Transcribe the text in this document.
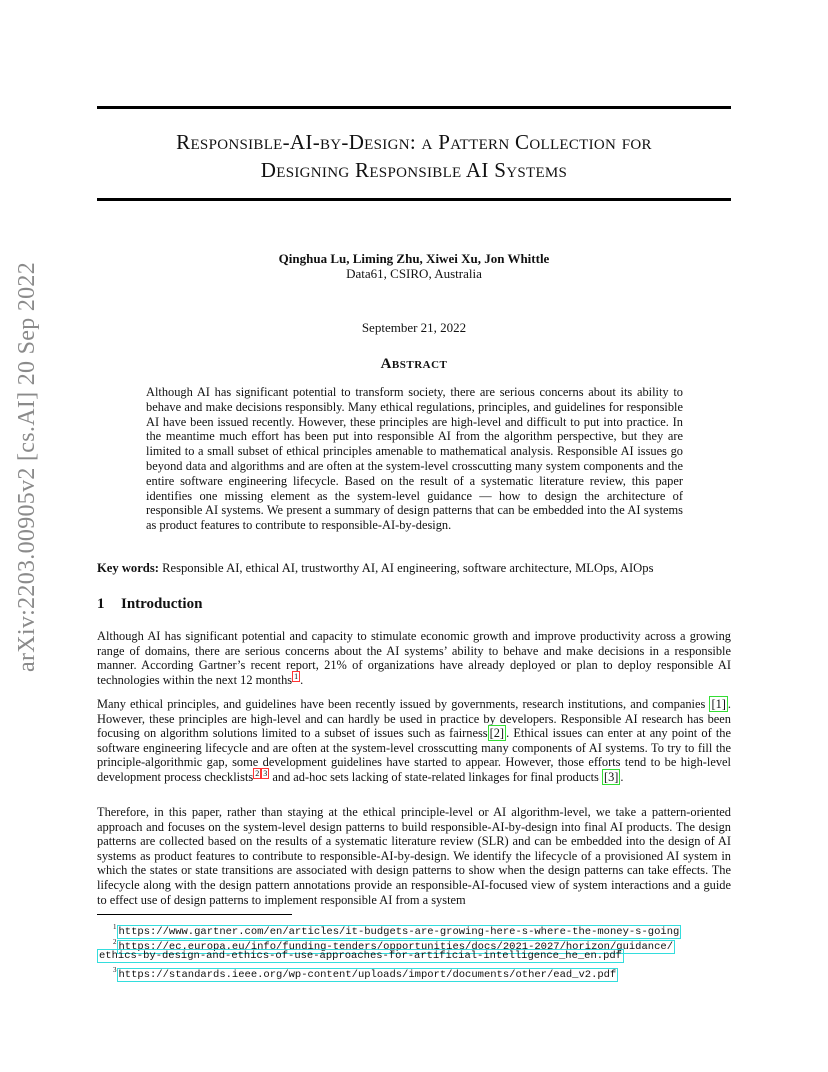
arXiv:2203.00905v2 [cs.AI] 20 Sep 2022
Responsible-AI-by-Design: a Pattern Collection for
Designing Responsible AI Systems
Qinghua Lu, Liming Zhu, Xiwei Xu, Jon Whittle
Data61, CSIRO, Australia
September 21, 2022
Abstract
Although AI has significant potential to transform society, there are serious concerns about its ability to behave and make decisions responsibly. Many ethical regulations, principles, and guidelines for responsible AI have been issued recently. However, these principles are high-level and difficult to put into practice. In the meantime much effort has been put into responsible AI from the algorithm perspective, but they are limited to a small subset of ethical principles amenable to mathematical analysis. Responsible AI issues go beyond data and algorithms and are often at the system-level crosscutting many system components and the entire software engineering lifecycle. Based on the result of a systematic literature review, this paper identifies one missing element as the system-level guidance — how to design the architecture of responsible AI systems. We present a summary of design patterns that can be embedded into the AI systems as product features to contribute to responsible-AI-by-design.
Key words: Responsible AI, ethical AI, trustworthy AI, AI engineering, software architecture, MLOps, AIOps
1 Introduction

Although AI has significant potential and capacity to stimulate economic growth and improve productivity across a growing range of domains, there are serious concerns about the AI systems’ ability to behave and make decisions in a responsible manner. According Gartner’s recent report, 21% of organizations have already deployed or plan to deploy responsible AI technologies within the next 12 months $^1$ .

Many ethical principles, and guidelines have been recently issued by governments, research institutions, and companies [1] . However, these principles are high-level and can hardly be used in practice by developers. Responsible AI research has been focusing on algorithm solutions limited to a subset of issues such as fairness [2] . Ethical issues can enter at any point of the software engineering lifecycle and are often at the system-level crosscutting many components of AI systems. To try to fill the principle-algorithmic gap, some development guidelines have started to appear. However, those efforts tend to be high-level development process checklists $^2$ $^3$ and ad-hoc sets lacking of state-related linkages for final products [3] .

Therefore, in this paper, rather than staying at the ethical principle-level or AI algorithm-level, we take a pattern-oriented approach and focuses on the system-level design patterns to build responsible-AI-by-design into final AI products. The design patterns are collected based on the results of a systematic literature review (SLR) and can be embedded into the design of AI systems as product features to contribute to responsible-AI-by-design. We identify the lifecycle of a provisioned AI system in which the states or state transitions are associated with design patterns to show when the design patterns can take effects. The lifecycle along with the design pattern annotations provide an responsible-AI-focused view of system interactions and a guide to effect use of design patterns to implement responsible AI from a system

$^1$ https://www.gartner.com/en/articles/it-budgets-are-growing-here-s-where-the-money-s-going
$^2$ https://ec.europa.eu/info/funding-tenders/opportunities/docs/2021-2027/horizon/guidance/
ethics-by-design-and-ethics-of-use-approaches-for-artificial-intelligence_he_en.pdf
$^3$ https://standards.ieee.org/wp-content/uploads/import/documents/other/ead_v2.pdf
